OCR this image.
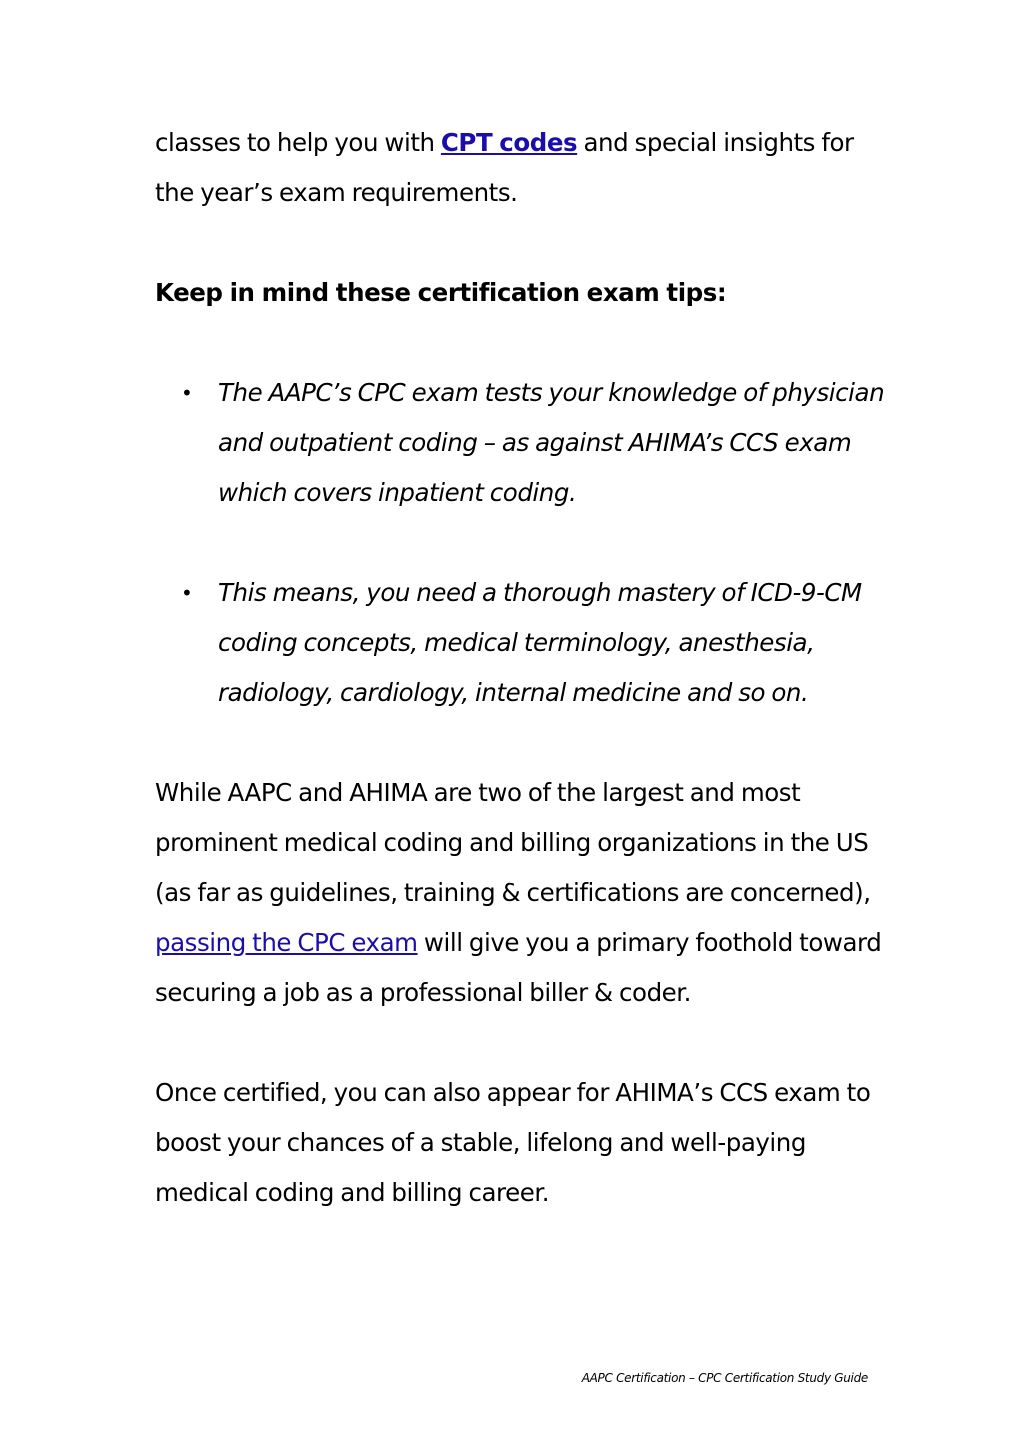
classes to help you with CPT codes and special insights for the year’s exam requirements.

Keep in mind these certification exam tips:

• The AAPC’s CPC exam tests your knowledge of physician and outpatient coding – as against AHIMA’s CCS exam which covers inpatient coding.
• This means, you need a thorough mastery of ICD-9-CM coding concepts, medical terminology, anesthesia, radiology, cardiology, internal medicine and so on.

While AAPC and AHIMA are two of the largest and most prominent medical coding and billing organizations in the US (as far as guidelines, training & certifications are concerned), passing the CPC exam will give you a primary foothold toward securing a job as a professional biller & coder.

Once certified, you can also appear for AHIMA’s CCS exam to boost your chances of a stable, lifelong and well-paying medical coding and billing career.

AAPC Certification – CPC Certification Study Guide
